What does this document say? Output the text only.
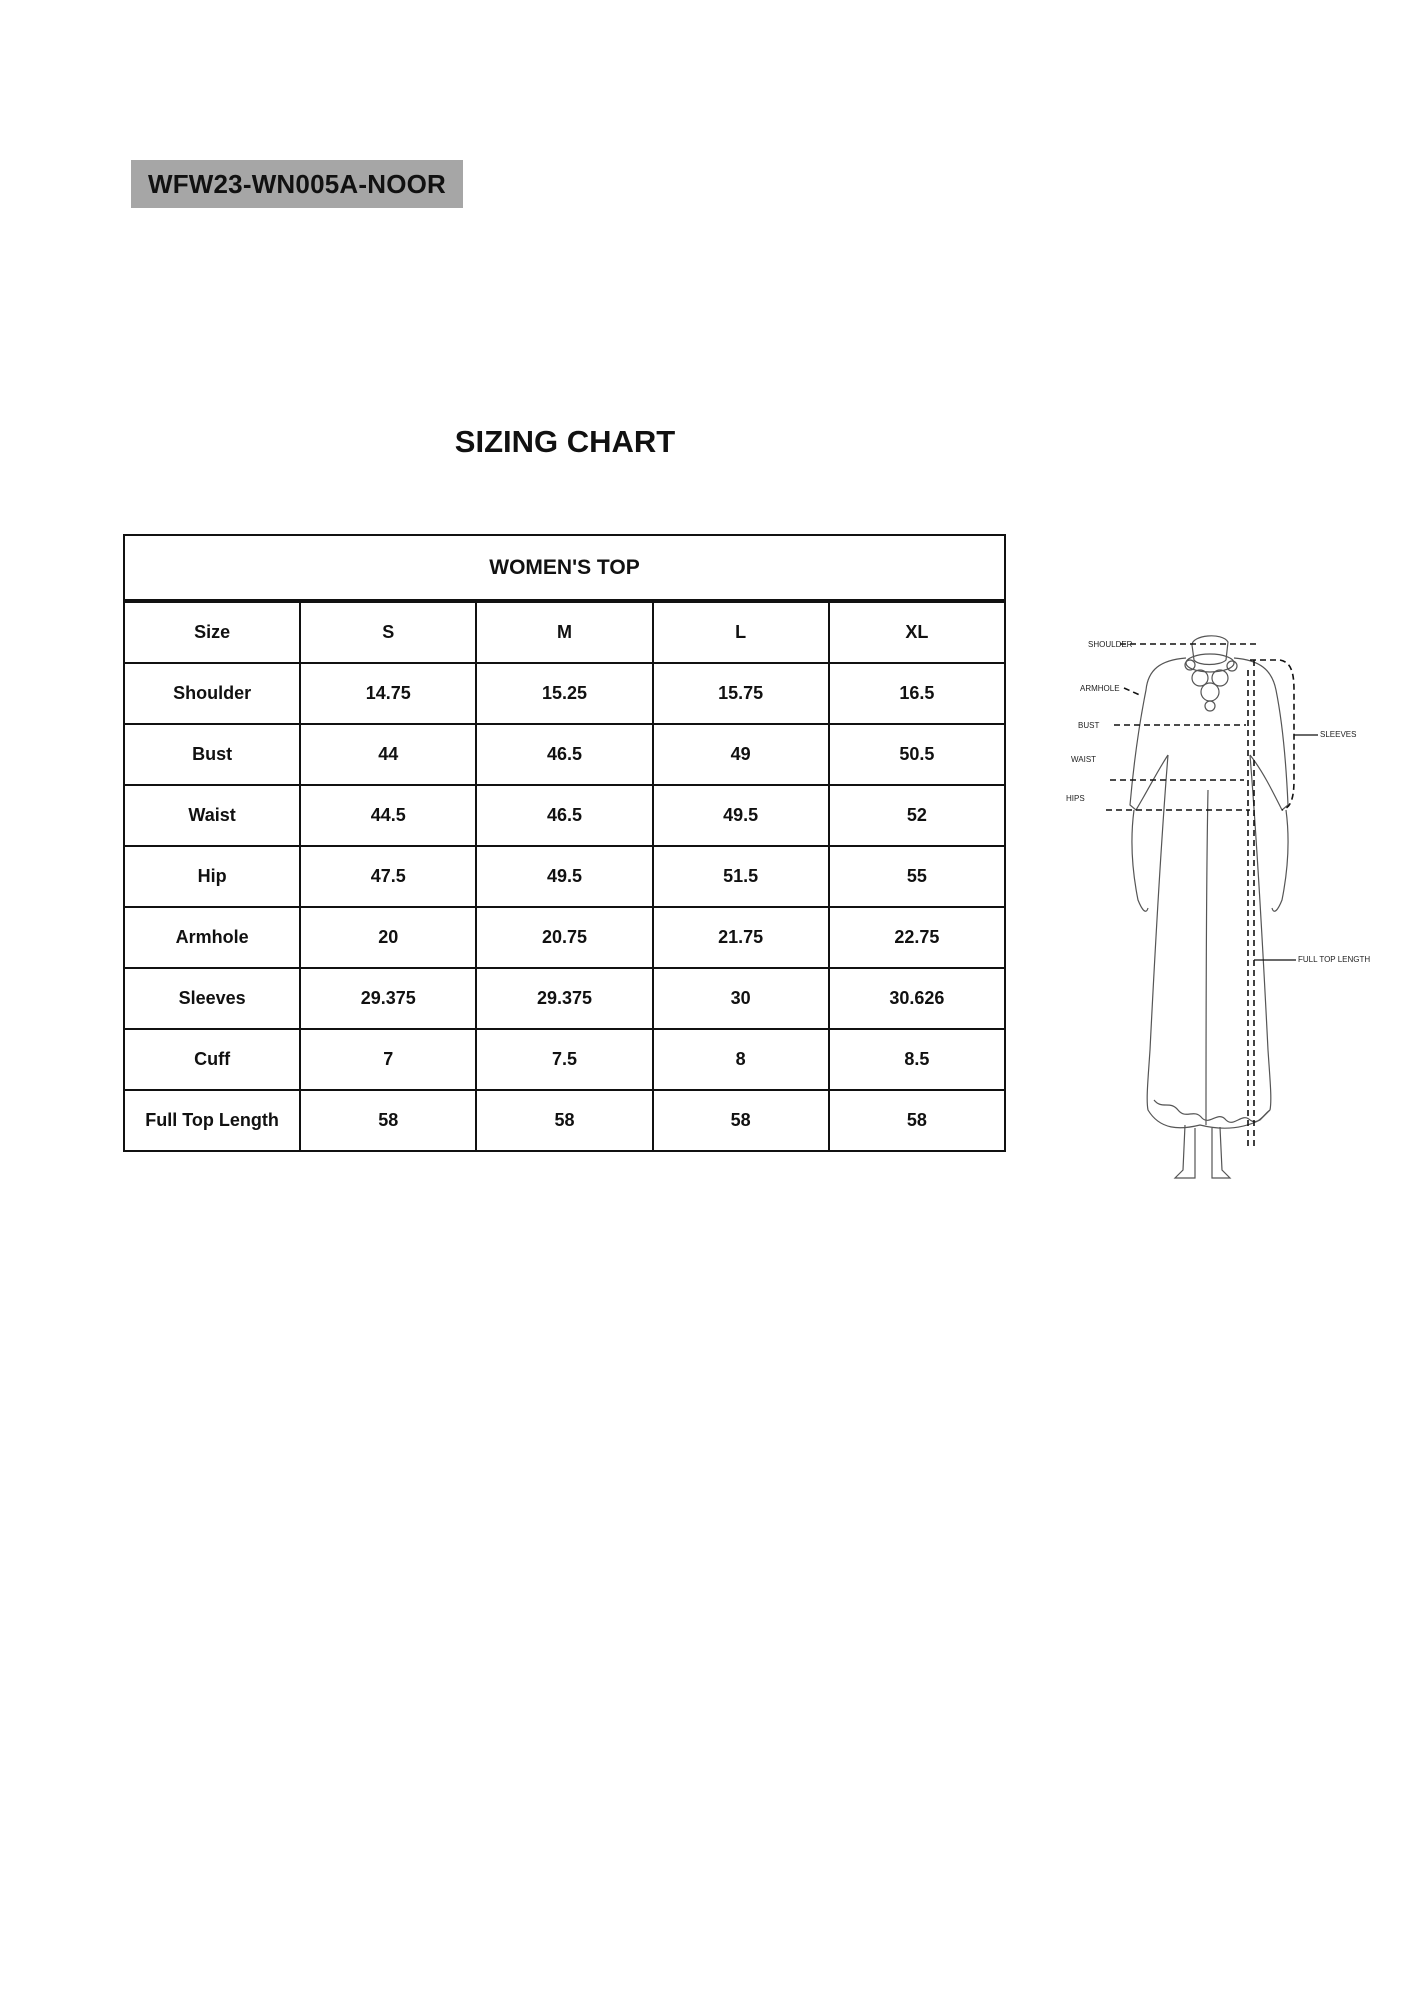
WFW23-WN005A-NOOR
SIZING CHART
WOMEN'S TOP				
Size	S	M	L	XL
Shoulder	14.75	15.25	15.75	16.5
Bust	44	46.5	49	50.5
Waist	44.5	46.5	49.5	52
Hip	47.5	49.5	51.5	55
Armhole	20	20.75	21.75	22.75
Sleeves	29.375	29.375	30	30.626
Cuff	7	7.5	8	8.5
Full Top Length	58	58	58	58
SHOULDER
ARMHOLE
BUST
WAIST
HIPS
SLEEVES
FULL TOP LENGTH
